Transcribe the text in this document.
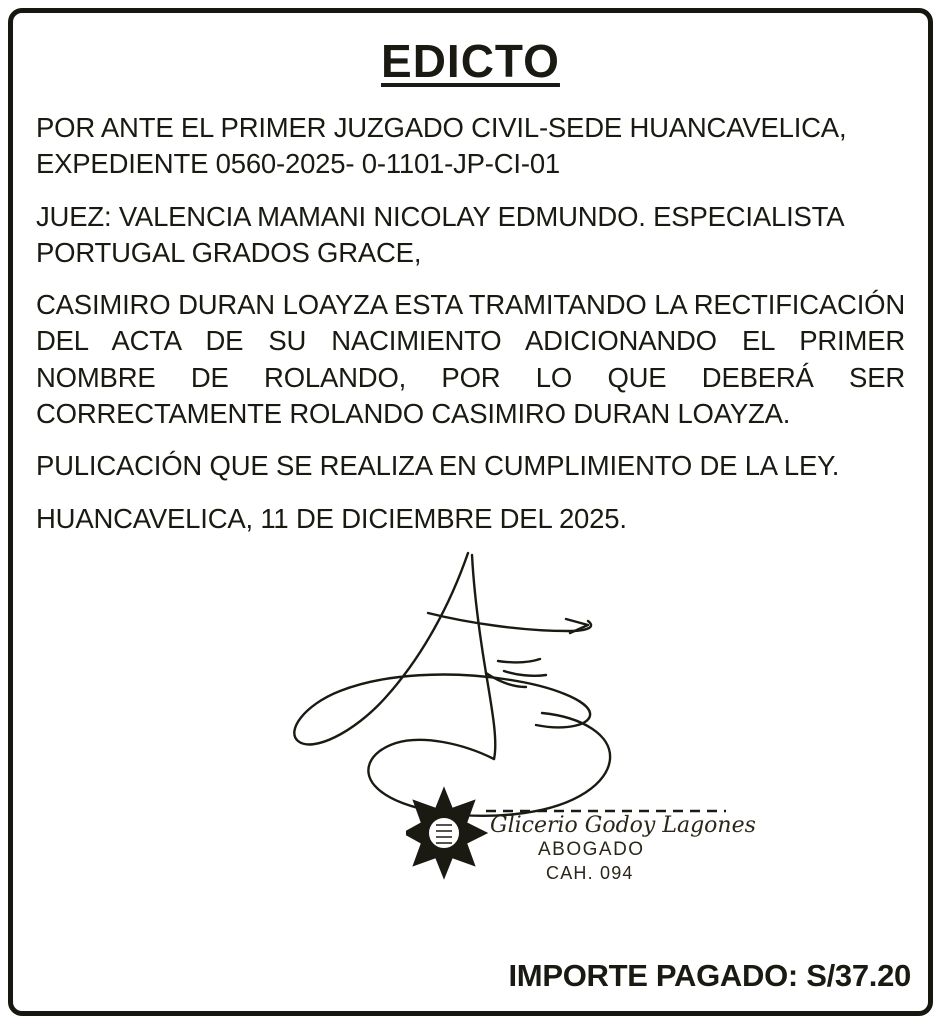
EDICTO

POR ANTE EL PRIMER JUZGADO CIVIL-SEDE HUANCAVELICA, EXPEDIENTE 0560-2025- 0-1101-JP-CI-01

JUEZ: VALENCIA MAMANI NICOLAY EDMUNDO. ESPECIALISTA PORTUGAL GRADOS GRACE,

CASIMIRO DURAN LOAYZA ESTA TRAMITANDO LA RECTIFICACIÓN DEL ACTA DE SU NACIMIENTO ADICIONANDO EL PRIMER NOMBRE DE ROLANDO, POR LO QUE DEBERÁ SER CORRECTAMENTE ROLANDO CASIMIRO DURAN LOAYZA.

PULICACIÓN QUE SE REALIZA EN CUMPLIMIENTO DE LA LEY.

HUANCAVELICA, 11 DE DICIEMBRE DEL 2025.

Glicerio Godoy Lagones
ABOGADO
CAH. 094
IMPORTE PAGADO: S/37.20
